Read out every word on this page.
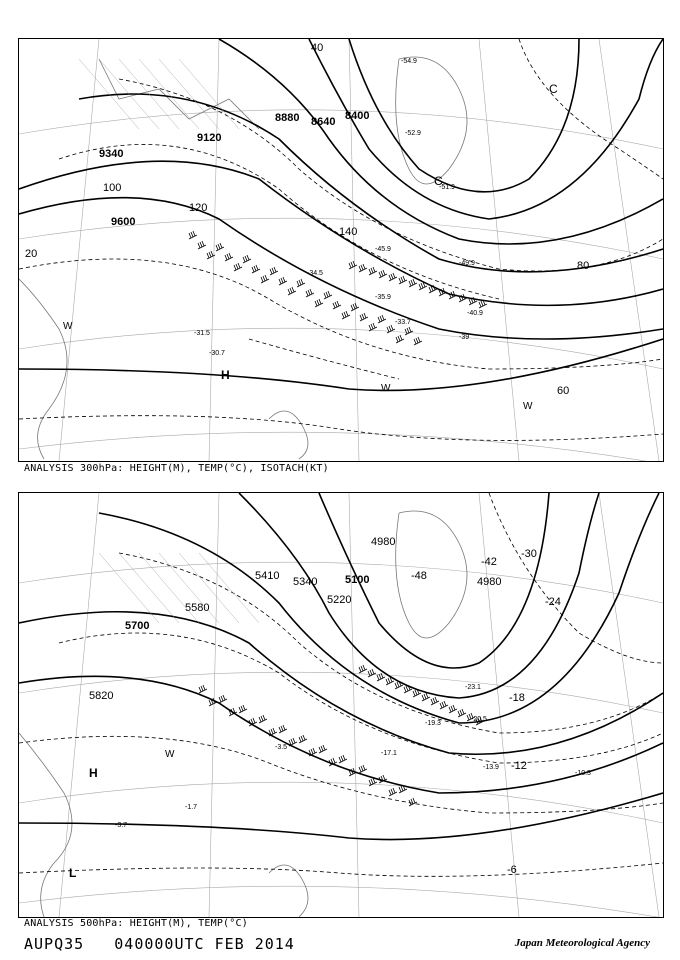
9600
9340
9120
8880 8640 8400
20
40
60
80
100
120
140
-31.5
-33.7
-34.5
-35.9
-40.9
-45.9
-49.9
-52.9
-54.9
-51.9
-30.7
-39
H
C
C
W
W
W
ANALYSIS 300hPa: HEIGHT(M), TEMP(°C), ISOTACH(KT)
5820
5700
5580
5410 5340
5220
5100
4980
4980
-6
-12
-18
-24
-30
-42
-48
-3.5
-13.9
-10.3
-17.1
-19.3
-20.5
-23.1
-1.7
-3.7
H
L
W
ANALYSIS 500hPa: HEIGHT(M), TEMP(°C)
AUPQ35 040000UTC FEB 2014	Japan Meteorological Agency
